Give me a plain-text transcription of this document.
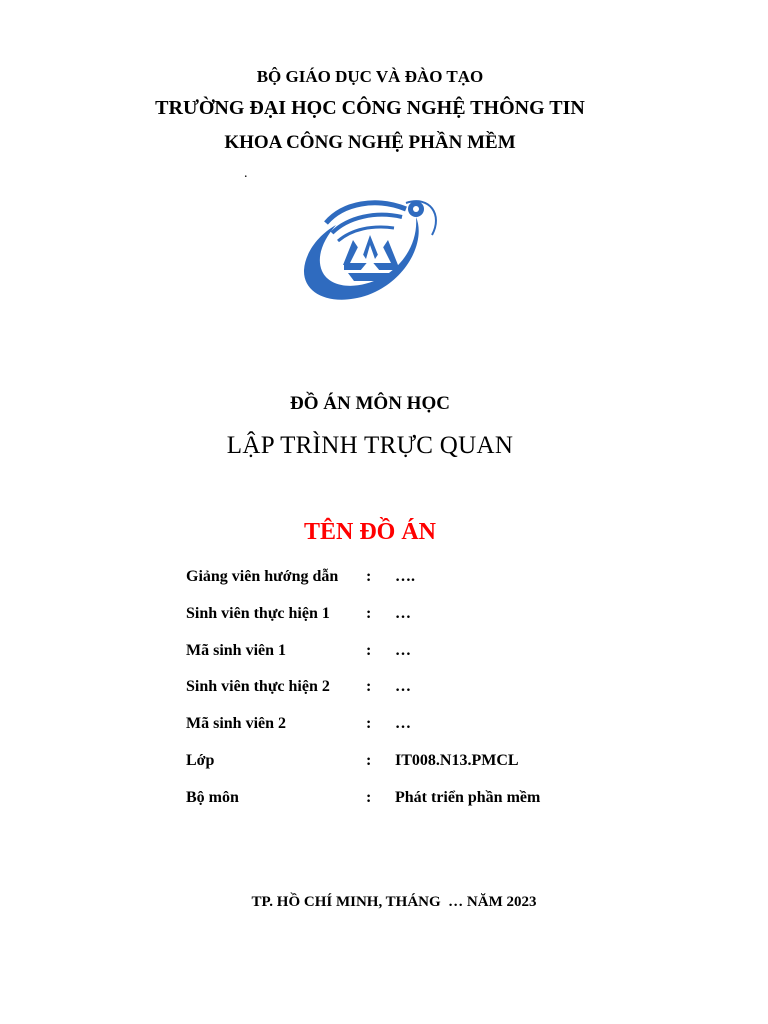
BỘ GIÁO DỤC VÀ ĐÀO TẠO
TRƯỜNG ĐẠI HỌC CÔNG NGHỆ THÔNG TIN
KHOA CÔNG NGHỆ PHẦN MỀM
.
ĐỒ ÁN MÔN HỌC
LẬP TRÌNH TRỰC QUAN
TÊN ĐỒ ÁN
Giảng viên hướng dẫn : ….
Sinh viên thực hiện 1 : …
Mã sinh viên 1	: …
Sinh viên thực hiện 2 : …
Mã sinh viên 2	: …
Lớp	: IT008.N13.PMCL
Bộ môn	: Phát triển phần mềm
TP. HỒ CHÍ MINH, THÁNG  … NĂM 2023
